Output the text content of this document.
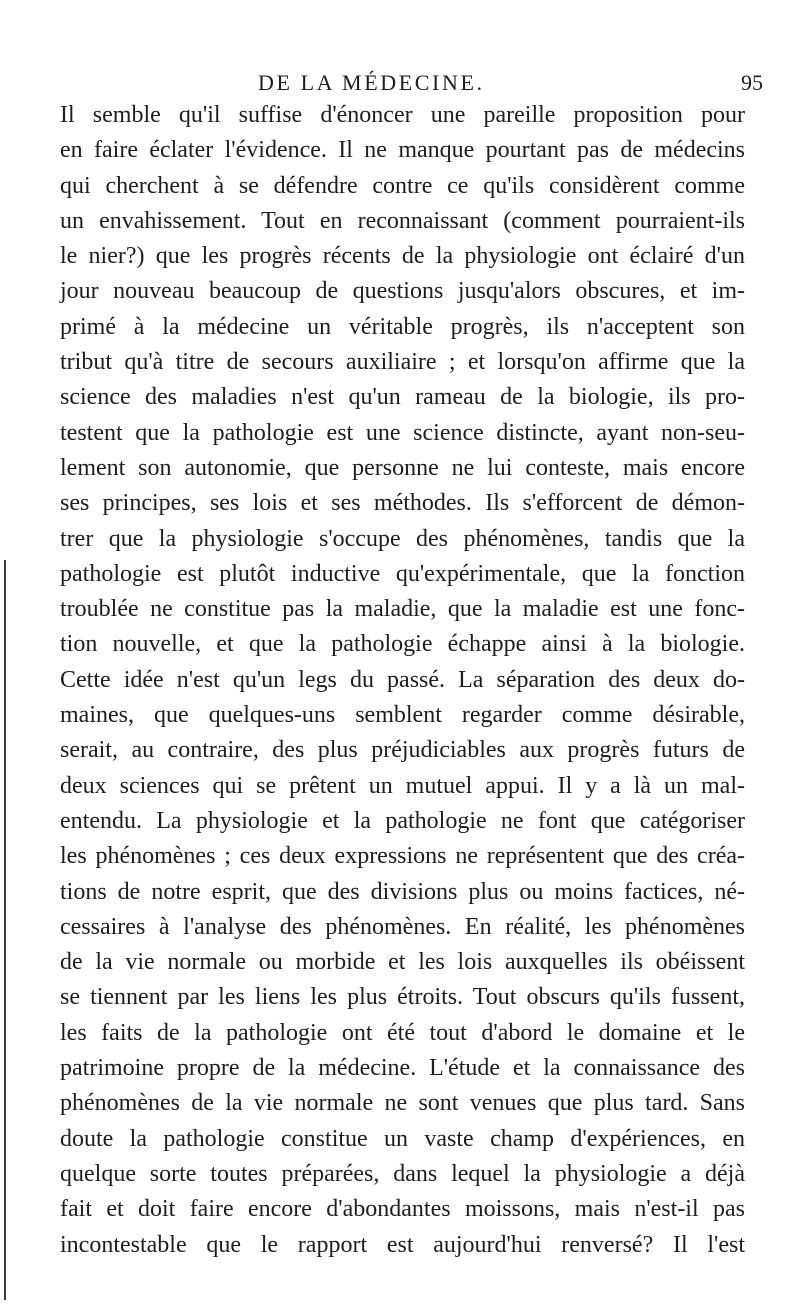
DE LA MÉDECINE.	95
Il semble qu'il suffise d'énoncer une pareille proposition pour
en faire éclater l'évidence. Il ne manque pourtant pas de médecins
qui cherchent à se défendre contre ce qu'ils considèrent comme
un envahissement. Tout en reconnaissant (comment pourraient-ils
le nier?) que les progrès récents de la physiologie ont éclairé d'un
jour nouveau beaucoup de questions jusqu'alors obscures, et im-
primé à la médecine un véritable progrès, ils n'acceptent son
tribut qu'à titre de secours auxiliaire ; et lorsqu'on affirme que la
science des maladies n'est qu'un rameau de la biologie, ils pro-
testent que la pathologie est une science distincte, ayant non-seu-
lement son autonomie, que personne ne lui conteste, mais encore
ses principes, ses lois et ses méthodes. Ils s'efforcent de démon-
trer que la physiologie s'occupe des phénomènes, tandis que la
pathologie est plutôt inductive qu'expérimentale, que la fonction
troublée ne constitue pas la maladie, que la maladie est une fonc-
tion nouvelle, et que la pathologie échappe ainsi à la biologie.
Cette idée n'est qu'un legs du passé. La séparation des deux do-
maines, que quelques-uns semblent regarder comme désirable,
serait, au contraire, des plus préjudiciables aux progrès futurs de
deux sciences qui se prêtent un mutuel appui. Il y a là un mal-
entendu. La physiologie et la pathologie ne font que catégoriser
les phénomènes ; ces deux expressions ne représentent que des créa-
tions de notre esprit, que des divisions plus ou moins factices, né-
cessaires à l'analyse des phénomènes. En réalité, les phénomènes
de la vie normale ou morbide et les lois auxquelles ils obéissent
se tiennent par les liens les plus étroits. Tout obscurs qu'ils fussent,
les faits de la pathologie ont été tout d'abord le domaine et le
patrimoine propre de la médecine. L'étude et la connaissance des
phénomènes de la vie normale ne sont venues que plus tard. Sans
doute la pathologie constitue un vaste champ d'expériences, en
quelque sorte toutes préparées, dans lequel la physiologie a déjà
fait et doit faire encore d'abondantes moissons, mais n'est-il pas
incontestable que le rapport est aujourd'hui renversé? Il l'est
